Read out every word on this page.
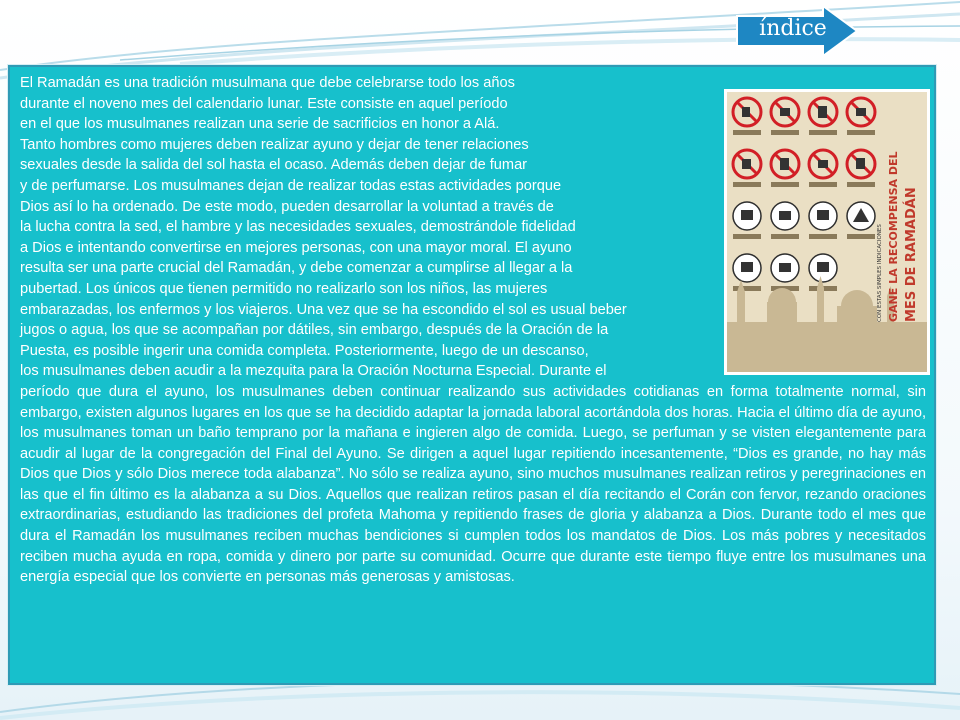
El Ramadán es una tradición musulmana que debe celebrarse todo los años
durante el noveno mes del calendario lunar. Este consiste en aquel período
en el que los musulmanes realizan una serie de sacrificios en honor a Alá.
Tanto hombres como mujeres deben realizar ayuno y dejar de tener relaciones
sexuales desde la salida del sol hasta el ocaso. Además deben dejar de fumar
y de perfumarse. Los musulmanes dejan de realizar todas estas actividades porque
Dios así lo ha ordenado. De este modo, pueden desarrollar la voluntad a través de
la lucha contra la sed, el hambre y las necesidades sexuales, demostrándole fidelidad
a Dios e intentando convertirse en mejores personas, con una mayor moral. El ayuno
resulta ser una parte crucial del Ramadán, y debe comenzar a cumplirse al llegar a la
pubertad. Los únicos que tienen permitido no realizarlo son los niños, las mujeres
embarazadas, los enfermos y los viajeros. Una vez que se ha escondido el sol es usual beber
jugos o agua, los que se acompañan por dátiles, sin embargo, después de la Oración de la
Puesta, es posible ingerir una comida completa. Posteriormente, luego de un descanso,
los musulmanes deben acudir a la mezquita para la Oración Nocturna Especial. Durante el
período que dura el ayuno, los musulmanes deben continuar realizando sus actividades cotidianas en forma totalmente normal, sin embargo, existen algunos lugares en los que se ha decidido adaptar la jornada laboral acortándola dos horas. Hacia el último día de ayuno, los musulmanes toman un baño temprano por la mañana e ingieren algo de comida. Luego, se perfuman y se visten elegantemente para acudir al lugar de la congregación del Final del Ayuno. Se dirigen a aquel lugar repitiendo incesantemente, “Dios es grande, no hay más Dios que Dios y sólo Dios merece toda alabanza”. No sólo se realiza ayuno, sino muchos musulmanes realizan retiros y peregrinaciones en las que el fin último es la alabanza a su Dios. Aquellos que realizan retiros pasan el día recitando el Corán con fervor, rezando oraciones extraordinarias, estudiando las tradiciones del profeta Mahoma y repitiendo frases de gloria y alabanza a Dios. Durante todo el mes que dura el Ramadán los musulmanes reciben muchas bendiciones si cumplen todos los mandatos de Dios. Los más pobres y necesitados reciben mucha ayuda en ropa, comida y dinero por parte su comunidad. Ocurre que durante este tiempo fluye entre los musulmanes una energía especial que los convierte en personas más generosas y amistosas.
GANE LA RECOMPENSA DEL MES DE RAMADÁN
CON ESTAS SIMPLES INDICACIONES
índice
